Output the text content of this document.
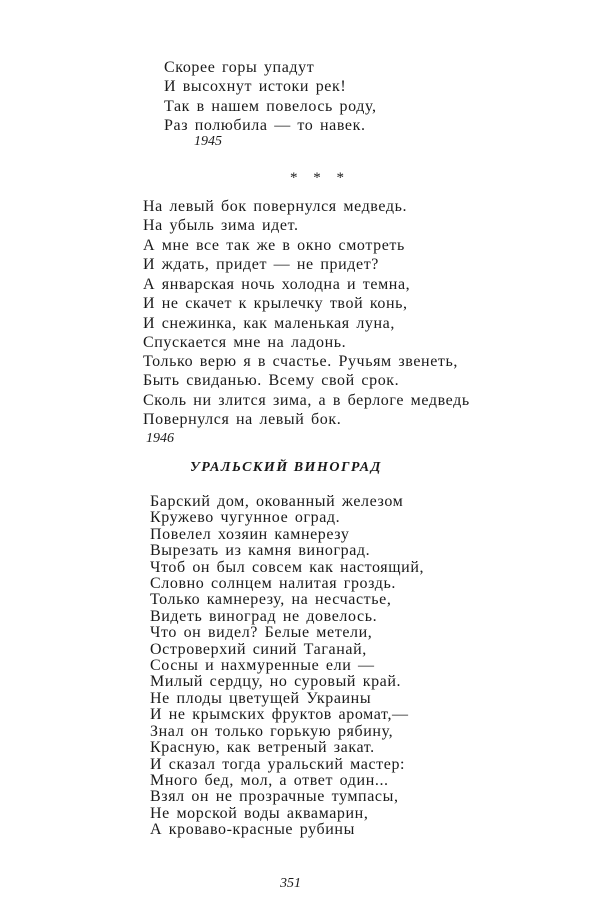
Скорее горы упадут
И высохнут истоки рек!
Так в нашем повелось роду,
Раз полюбила — то навек.
1945
* * *
На левый бок повернулся медведь.
На убыль зима идет.
А мне все так же в окно смотреть
И ждать, придет — не придет?
А январская ночь холодна и темна,
И не скачет к крылечку твой конь,
И снежинка, как маленькая луна,
Спускается мне на ладонь.
Только верю я в счастье. Ручьям звенеть,
Быть свиданью. Всему свой срок.
Сколь ни злится зима, а в берлоге медведь
Повернулся на левый бок.
1946
УРАЛЬСКИЙ ВИНОГРАД
Барский дом, окованный железом
Кружево чугунное оград.
Повелел хозяин камнерезу
Вырезать из камня виноград.
Чтоб он был совсем как настоящий,
Словно солнцем налитая гроздь.
Только камнерезу, на несчастье,
Видеть виноград не довелось.
Что он видел? Белые метели,
Островерхий синий Таганай,
Сосны и нахмуренные ели —
Милый сердцу, но суровый край.
Не плоды цветущей Украины
И не крымских фруктов аромат,—
Знал он только горькую рябину,
Красную, как ветреный закат.
И сказал тогда уральский мастер:
Много бед, мол, а ответ один...
Взял он не прозрачные тумпасы,
Не морской воды аквамарин,
А кроваво-красные рубины
351
